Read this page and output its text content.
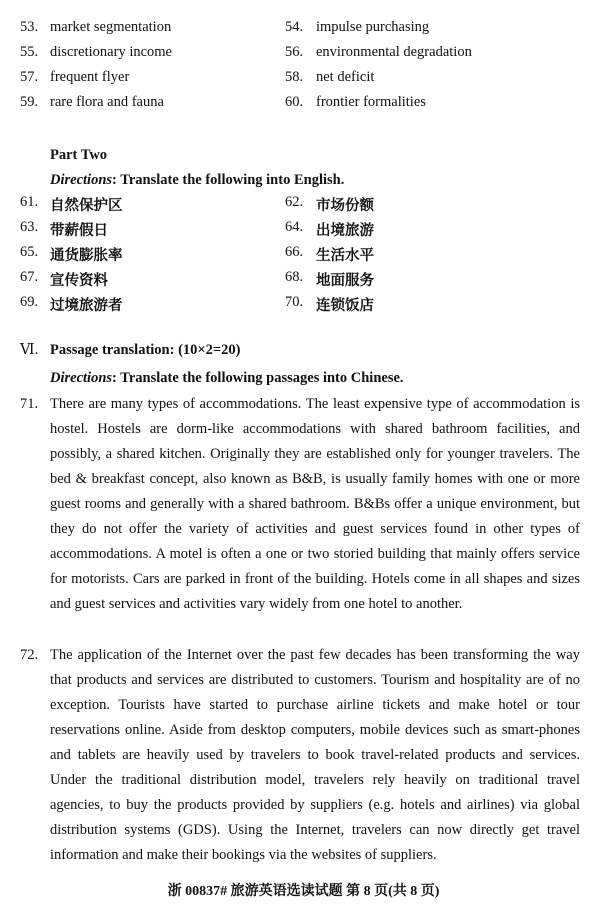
53. market segmentation	54. impulse purchasing
55. discretionary income	56. environmental degradation
57. frequent flyer	58. net deficit
59. rare flora and fauna	60. frontier formalities
Part Two
Directions: Translate the following into English.
61. 自然保护区	62. 市场份额
63. 带薪假日	64. 出境旅游
65. 通货膨胀率	66. 生活水平
67. 宣传资料	68. 地面服务
69. 过境旅游者	70. 连锁饭店
Ⅵ. Passage translation: (10×2=20)
Directions: Translate the following passages into Chinese.
71. There are many types of accommodations. The least expensive type of accommodation is hostel. Hostels are dorm-like accommodations with shared bathroom facilities, and possibly, a shared kitchen. Originally they are established only for younger travelers. The bed & breakfast concept, also known as B&B, is usually family homes with one or more guest rooms and generally with a shared bathroom. B&Bs offer a unique environment, but they do not offer the variety of activities and guest services found in other types of accommodations. A motel is often a one or two storied building that mainly offers service for motorists. Cars are parked in front of the building. Hotels come in all shapes and sizes and guest services and activities vary widely from one hotel to another.
72. The application of the Internet over the past few decades has been transforming the way that products and services are distributed to customers. Tourism and hospitality are of no exception. Tourists have started to purchase airline tickets and make hotel or tour reservations online. Aside from desktop computers, mobile devices such as smart-phones and tablets are heavily used by travelers to book travel-related products and services. Under the traditional distribution model, travelers rely heavily on traditional travel agencies, to buy the products provided by suppliers (e.g. hotels and airlines) via global distribution systems (GDS). Using the Internet, travelers can now directly get travel information and make their bookings via the websites of suppliers.
浙 00837# 旅游英语选读试题 第 8 页(共 8 页)
